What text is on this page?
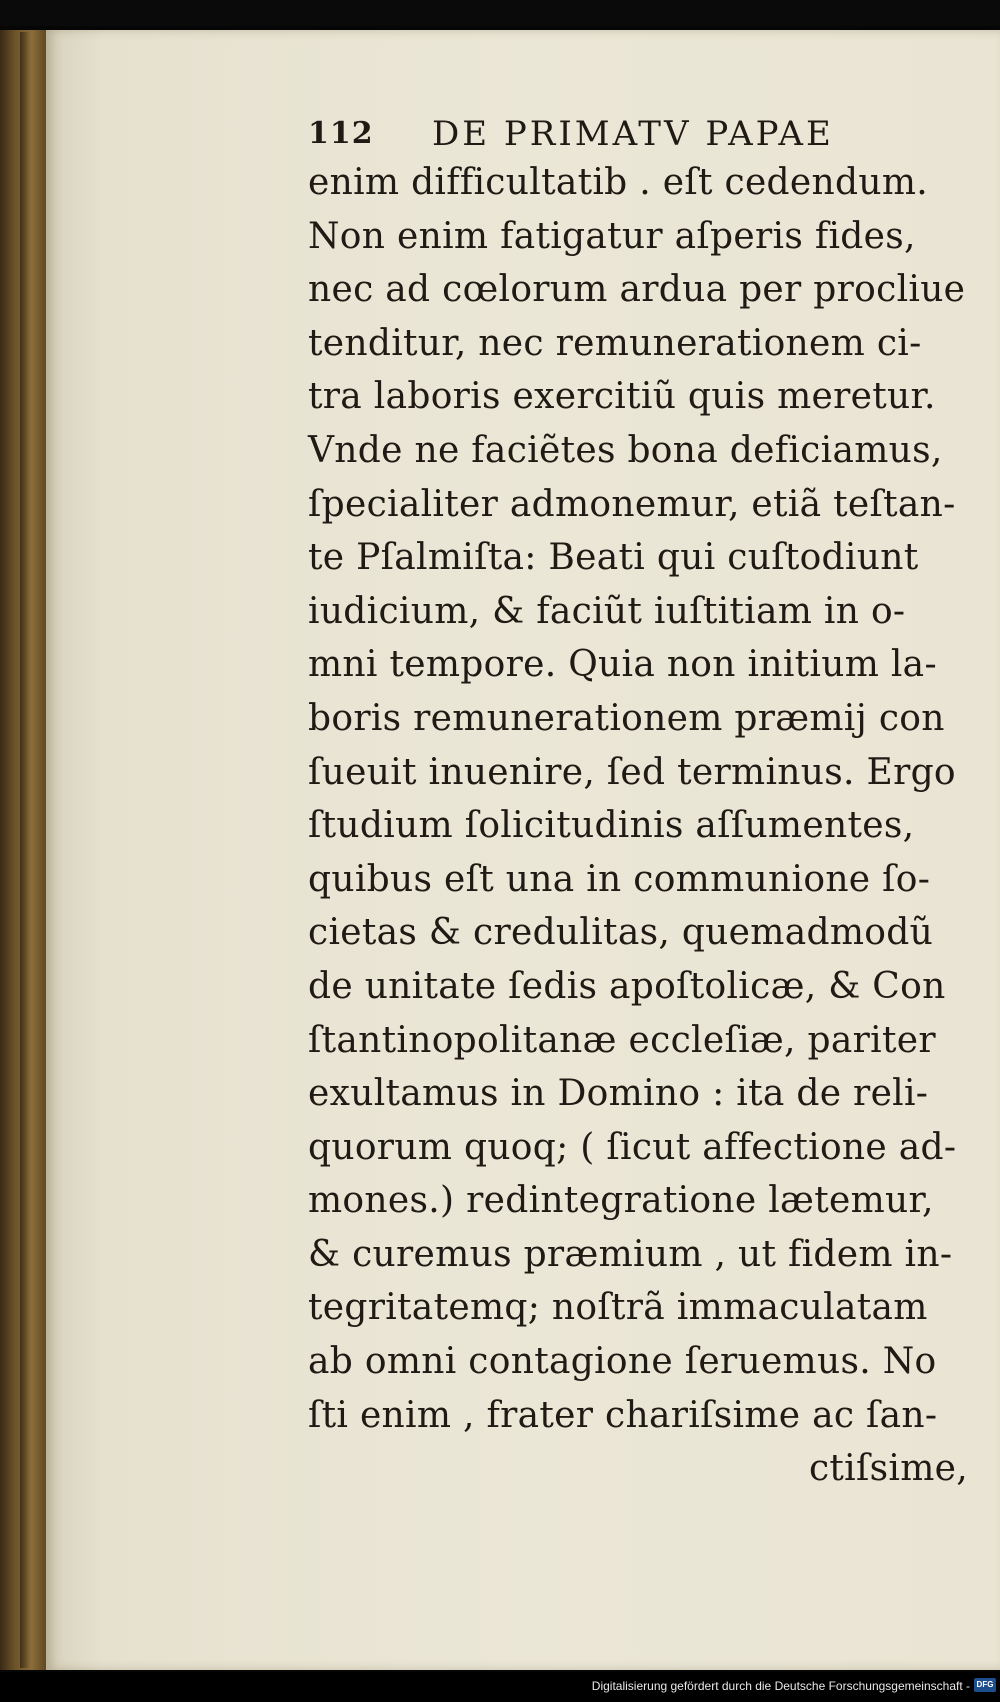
112 DE PRIMATV PAPAE
enim difficultatib . eſt cedendum.
Non enim fatigatur aſperis fides,
nec ad cœlorum ardua per procliue
tenditur, nec remunerationem ci-
tra laboris exercitiũ quis meretur.
Vnde ne faciẽtes bona deficiamus,
ſpecialiter admonemur, etiã teſtan-
te Pſalmiſta: Beati qui cuſtodiunt
iudicium, & faciũt iuſtitiam in o-
mni tempore. Quia non initium la-
boris remunerationem præmij con
ſueuit inuenire, ſed terminus. Ergo
ſtudium ſolicitudinis aſſumentes,
quibus eſt una in communione ſo-
cietas & credulitas, quemadmodũ
de unitate ſedis apoſtolicæ, & Con
ſtantinopolitanæ eccleſiæ, pariter
exultamus in Domino : ita de reli-
quorum quoq; ( ſicut affectione ad-
mones.) redintegratione lætemur,
& curemus præmium , ut fidem in-
tegritatemq; noſtrã immaculatam
ab omni contagione ſeruemus. No
ſti enim , frater chariſsime ac ſan-
ctiſsime,
Digitalisierung gefördert durch die Deutsche Forschungsgemeinschaft - DFG
